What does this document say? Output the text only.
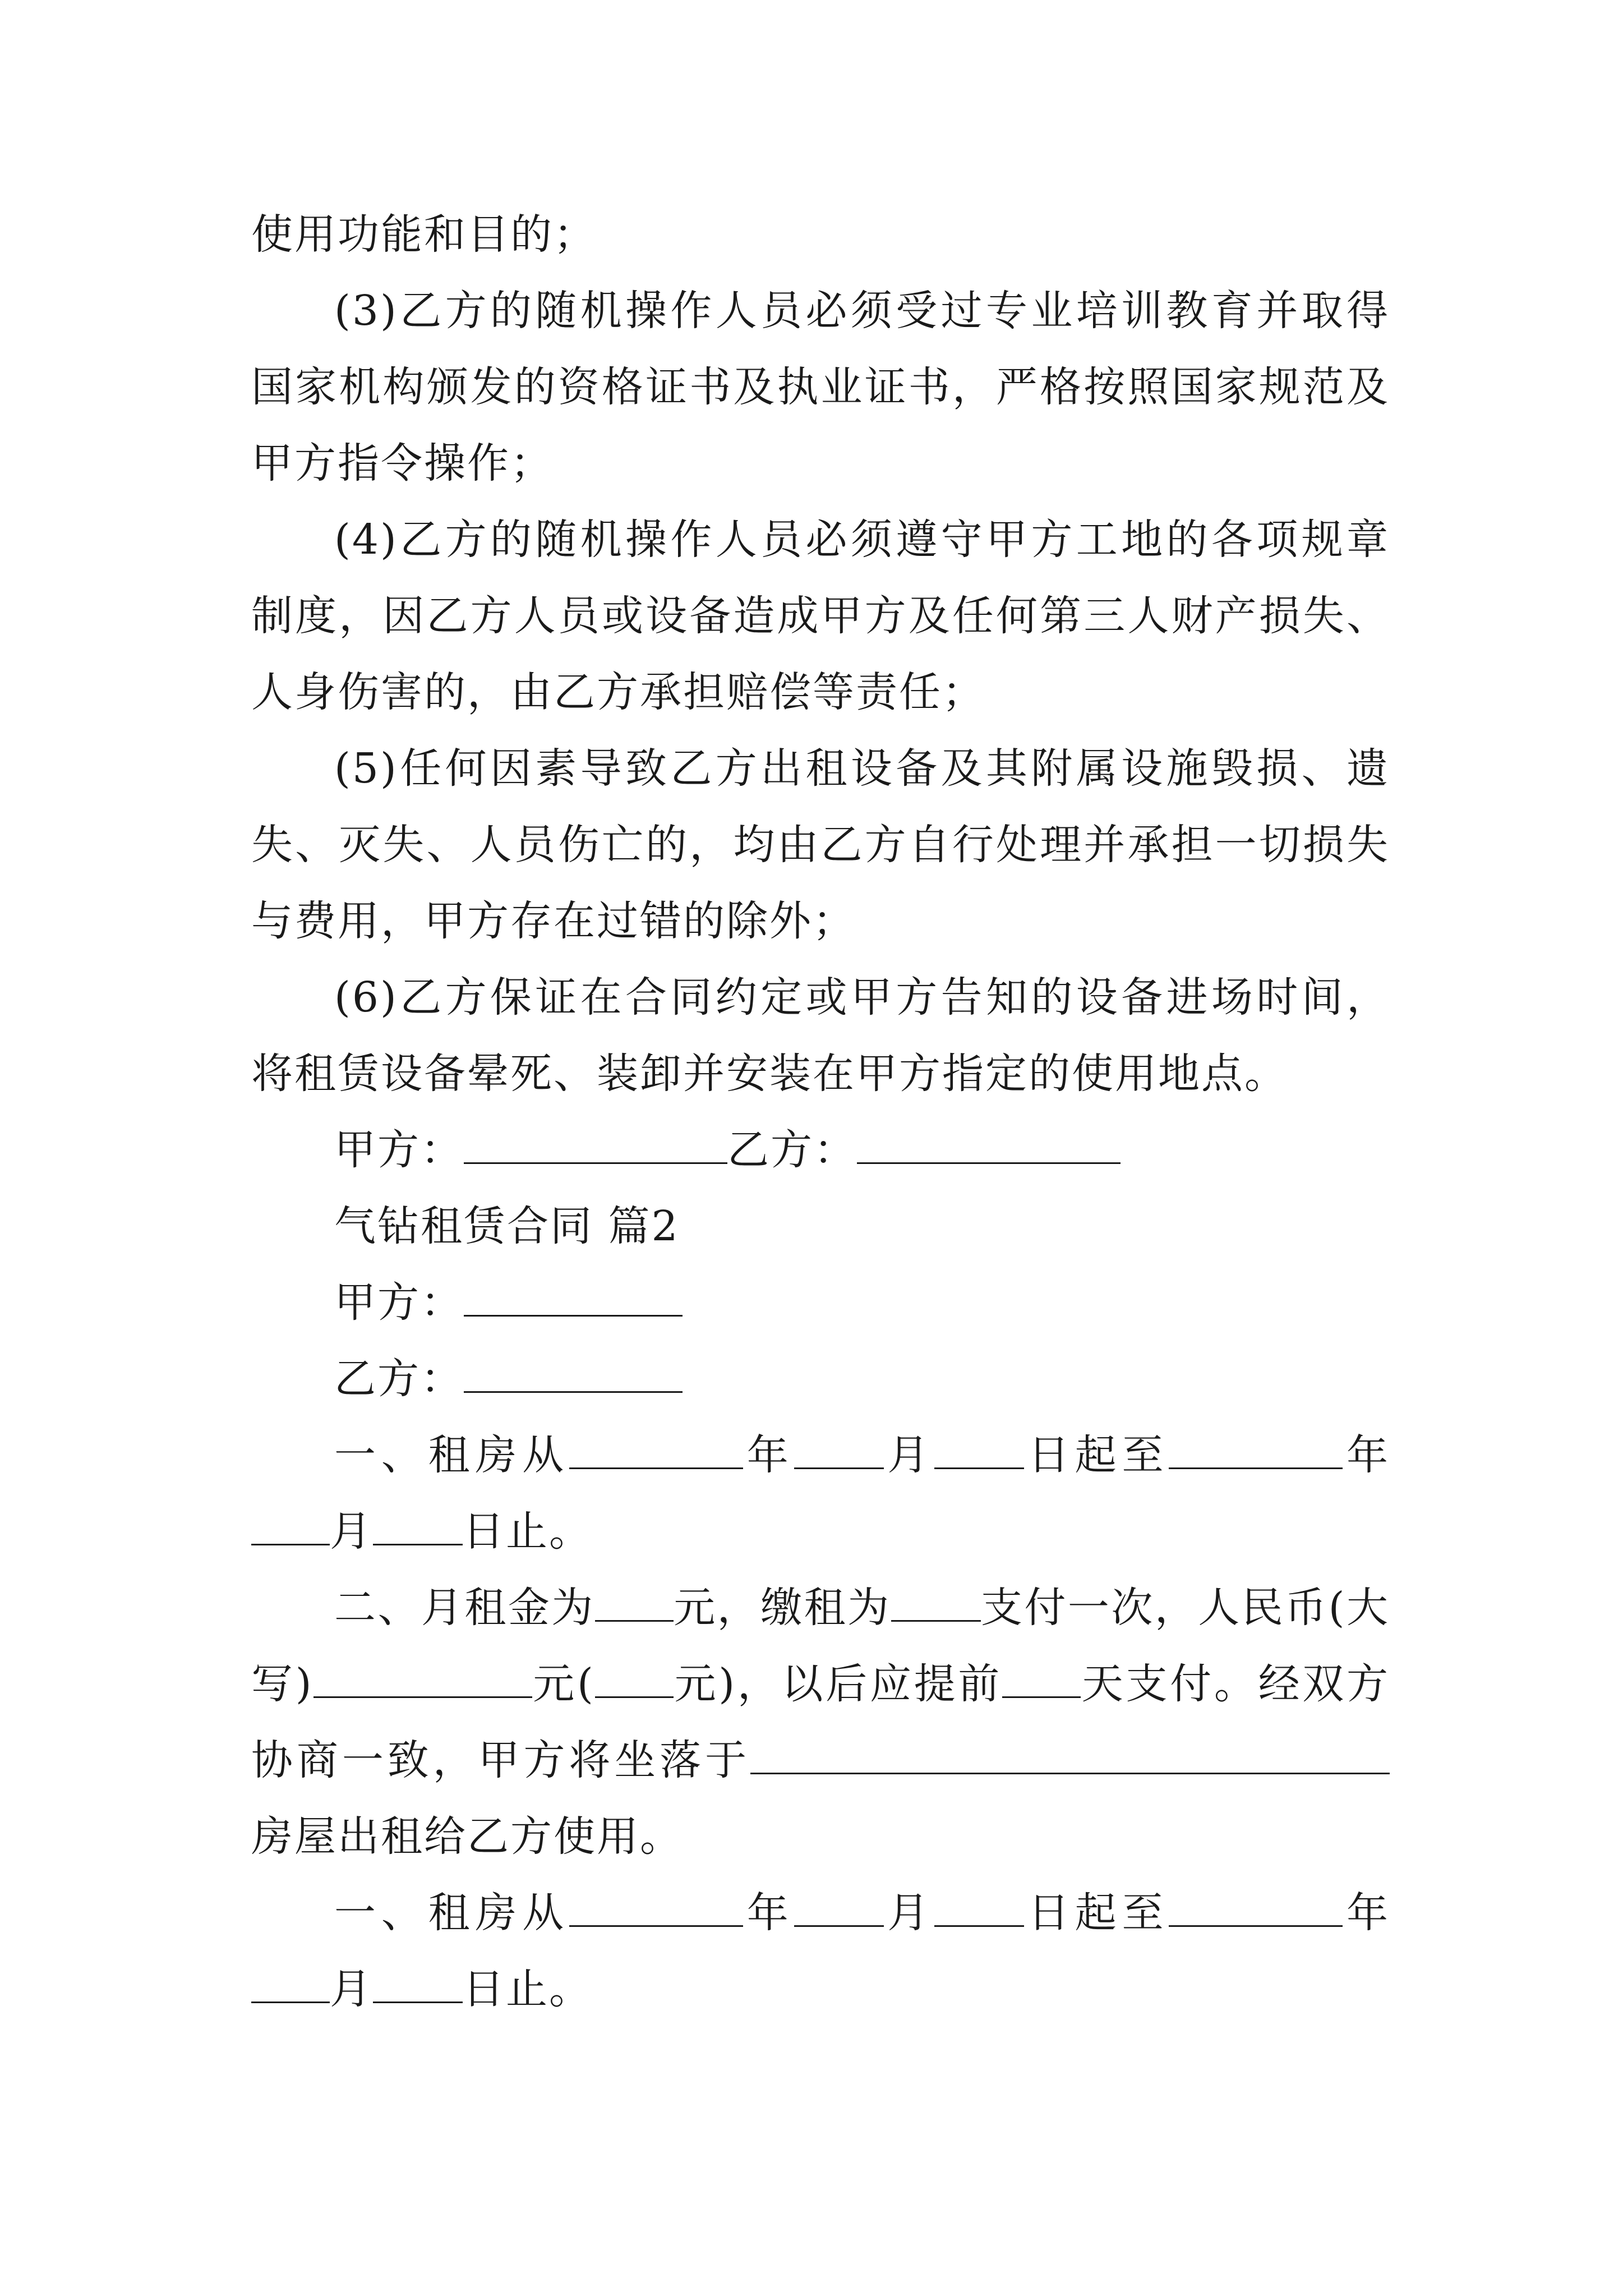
使用功能和目的；

(3)乙方的随机操作人员必须受过专业培训教育并取得国家机构颁发的资格证书及执业证书，严格按照国家规范及甲方指令操作；

(4)乙方的随机操作人员必须遵守甲方工地的各项规章制度，因乙方人员或设备造成甲方及任何第三人财产损失、人身伤害的，由乙方承担赔偿等责任；

(5)任何因素导致乙方出租设备及其附属设施毁损、遗失、灭失、人员伤亡的，均由乙方自行处理并承担一切损失与费用，甲方存在过错的除外；

(6)乙方保证在合同约定或甲方告知的设备进场时间，将租赁设备晕死、装卸并安装在甲方指定的使用地点。

甲方：	乙方：
气钻租赁合同 篇2
甲方：
乙方：

一、租房从	年 月 日起至	年月 日止。

二、月租金为 元，缴租为 支付一次，人民币(大写)	元( 元)，以后应提前 天支付。经双方协商一致，甲方将坐落于房屋出租给乙方使用。

一、租房从	年 月 日起至	年月 日止。
